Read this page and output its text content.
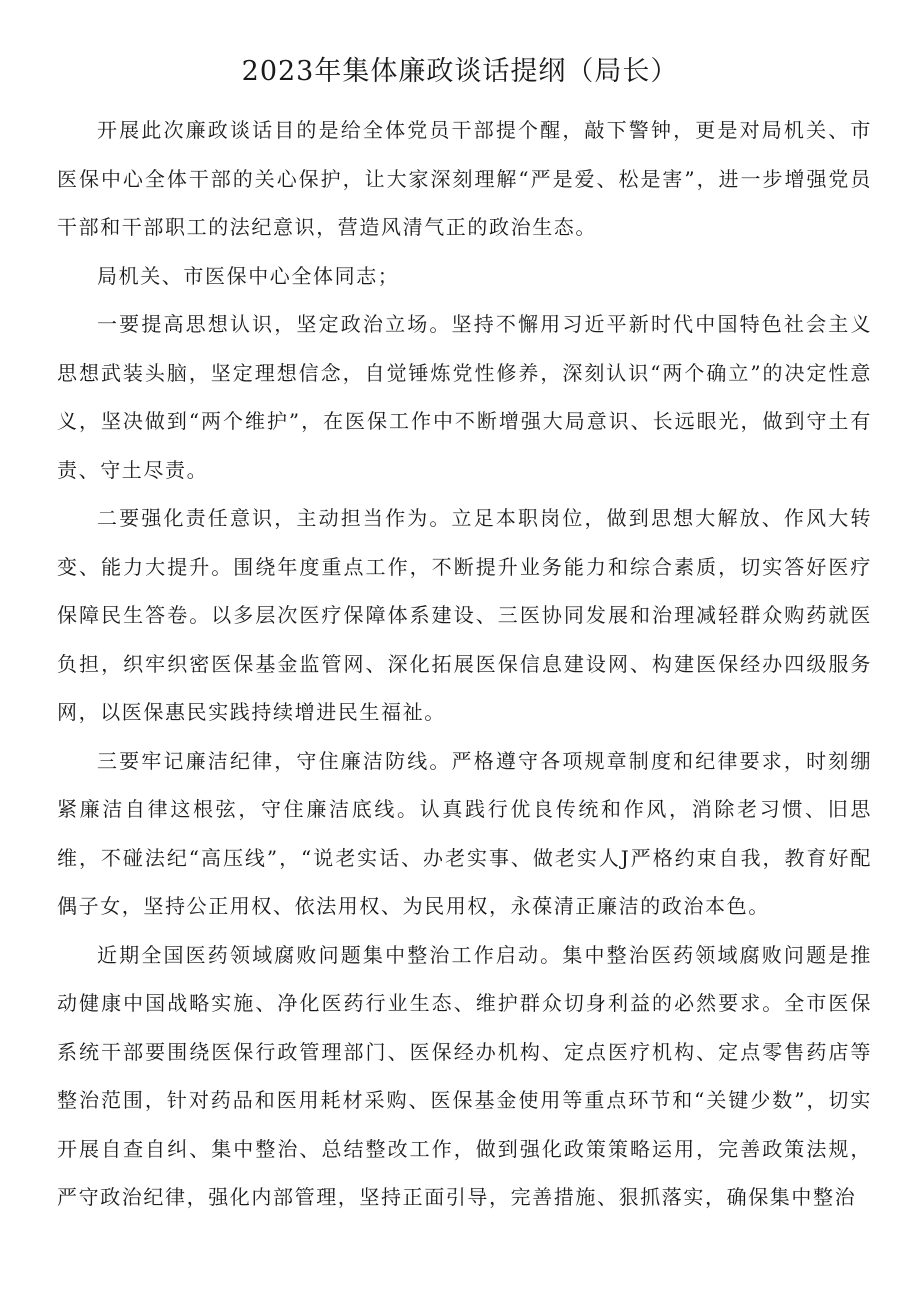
2023年集体廉政谈话提纲（局长）

开展此次廉政谈话目的是给全体党员干部提个醒，敲下警钟，更是对局机关、市医保中心全体干部的关心保护，让大家深刻理解“严是爱、松是害”，进一步增强党员干部和干部职工的法纪意识，营造风清气正的政治生态。

局机关、市医保中心全体同志；

一要提高思想认识，坚定政治立场。坚持不懈用习近平新时代中国特色社会主义思想武装头脑，坚定理想信念，自觉锤炼党性修养，深刻认识“两个确立”的决定性意义，坚决做到“两个维护”，在医保工作中不断增强大局意识、长远眼光，做到守土有责、守土尽责。

二要强化责任意识，主动担当作为。立足本职岗位，做到思想大解放、作风大转变、能力大提升。围绕年度重点工作，不断提升业务能力和综合素质，切实答好医疗保障民生答卷。以多层次医疗保障体系建设、三医协同发展和治理减轻群众购药就医负担，织牢织密医保基金监管网、深化拓展医保信息建设网、构建医保经办四级服务网，以医保惠民实践持续增进民生福祉。

三要牢记廉洁纪律，守住廉洁防线。严格遵守各项规章制度和纪律要求，时刻绷紧廉洁自律这根弦，守住廉洁底线。认真践行优良传统和作风，消除老习惯、旧思维，不碰法纪“高压线”，“说老实话、办老实事、做老实人J严格约束自我，教育好配偶子女，坚持公正用权、依法用权、为民用权，永葆清正廉洁的政治本色。

近期全国医药领域腐败问题集中整治工作启动。集中整治医药领域腐败问题是推动健康中国战略实施、净化医药行业生态、维护群众切身利益的必然要求。全市医保系统干部要围绕医保行政管理部门、医保经办机构、定点医疗机构、定点零售药店等整治范围，针对药品和医用耗材采购、医保基金使用等重点环节和“关键少数”，切实开展自查自纠、集中整治、总结整改工作，做到强化政策策略运用，完善政策法规，严守政治纪律，强化内部管理，坚持正面引导，完善措施、狠抓落实，确保集中整治
